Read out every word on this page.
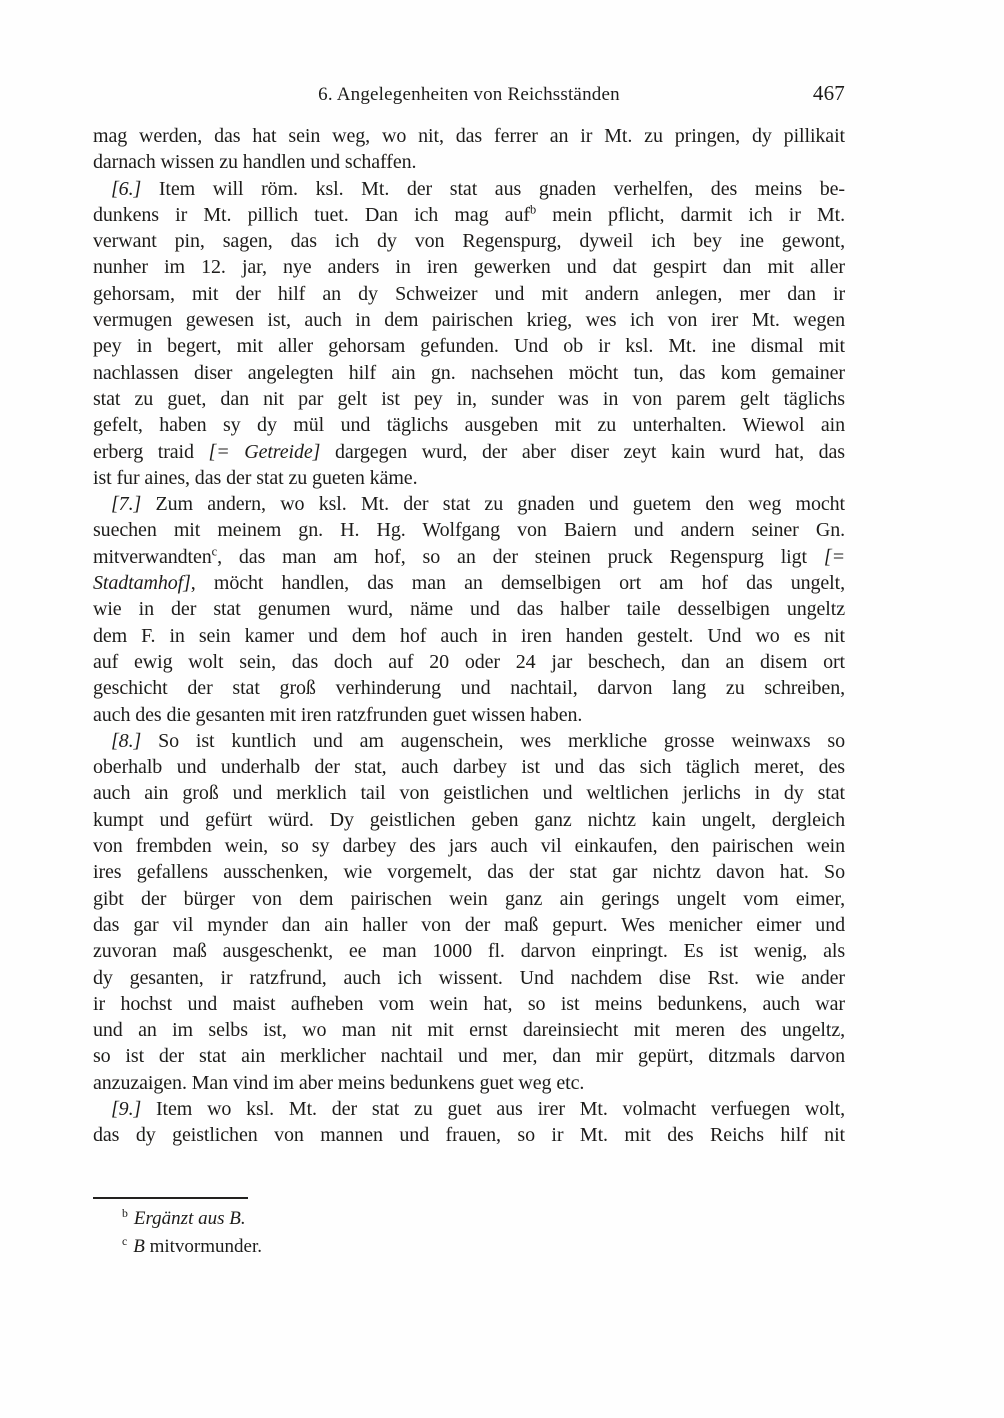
6. Angelegenheiten von Reichsständen	467
mag werden, das hat sein weg, wo nit, das ferrer an ir Mt. zu pringen, dy pillikait
darnach wissen zu handlen und schaffen.
[6.] Item will röm. ksl. Mt. der stat aus gnaden verhelfen, des meins be-
dunkens ir Mt. pillich tuet. Dan ich mag auf$^b$ mein pflicht, darmit ich ir Mt.
verwant pin, sagen, das ich dy von Regenspurg, dyweil ich bey ine gewont,
nunher im 12. jar, nye anders in iren gewerken und dat gespirt dan mit aller
gehorsam, mit der hilf an dy Schweizer und mit andern anlegen, mer dan ir
vermugen gewesen ist, auch in dem pairischen krieg, wes ich von irer Mt. wegen
pey in begert, mit aller gehorsam gefunden. Und ob ir ksl. Mt. ine dismal mit
nachlassen diser angelegten hilf ain gn. nachsehen möcht tun, das kom gemainer
stat zu guet, dan nit par gelt ist pey in, sunder was in von parem gelt täglichs
gefelt, haben sy dy mül und täglichs ausgeben mit zu unterhalten. Wiewol ain
erberg traid [= Getreide] dargegen wurd, der aber diser zeyt kain wurd hat, das
ist fur aines, das der stat zu gueten käme.
[7.] Zum andern, wo ksl. Mt. der stat zu gnaden und guetem den weg mocht
suechen mit meinem gn. H. Hg. Wolfgang von Baiern und andern seiner Gn.
mitverwandten$^c$, das man am hof, so an der steinen pruck Regenspurg ligt [=
Stadtamhof], möcht handlen, das man an demselbigen ort am hof das ungelt,
wie in der stat genumen wurd, näme und das halber taile desselbigen ungeltz
dem F. in sein kamer und dem hof auch in iren handen gestelt. Und wo es nit
auf ewig wolt sein, das doch auf 20 oder 24 jar beschech, dan an disem ort
geschicht der stat groß verhinderung und nachtail, darvon lang zu schreiben,
auch des die gesanten mit iren ratzfrunden guet wissen haben.
[8.] So ist kuntlich und am augenschein, wes merkliche grosse weinwaxs so
oberhalb und underhalb der stat, auch darbey ist und das sich täglich meret, des
auch ain groß und merklich tail von geistlichen und weltlichen jerlichs in dy stat
kumpt und gefürt würd. Dy geistlichen geben ganz nichtz kain ungelt, dergleich
von frembden wein, so sy darbey des jars auch vil einkaufen, den pairischen wein
ires gefallens ausschenken, wie vorgemelt, das der stat gar nichtz davon hat. So
gibt der bürger von dem pairischen wein ganz ain gerings ungelt vom eimer,
das gar vil mynder dan ain haller von der maß gepurt. Wes menicher eimer und
zuvoran maß ausgeschenkt, ee man 1000 fl. darvon einpringt. Es ist wenig, als
dy gesanten, ir ratzfrund, auch ich wissent. Und nachdem dise Rst. wie ander
ir hochst und maist aufheben vom wein hat, so ist meins bedunkens, auch war
und an im selbs ist, wo man nit mit ernst dareinsiecht mit meren des ungeltz,
so ist der stat ain merklicher nachtail und mer, dan mir gepürt, ditzmals darvon
anzuzaigen. Man vind im aber meins bedunkens guet weg etc.
[9.] Item wo ksl. Mt. der stat zu guet aus irer Mt. volmacht verfuegen wolt,
das dy geistlichen von mannen und frauen, so ir Mt. mit des Reichs hilf nit
$^b$ Ergänzt aus B.
$^c$ B mitvormunder.
